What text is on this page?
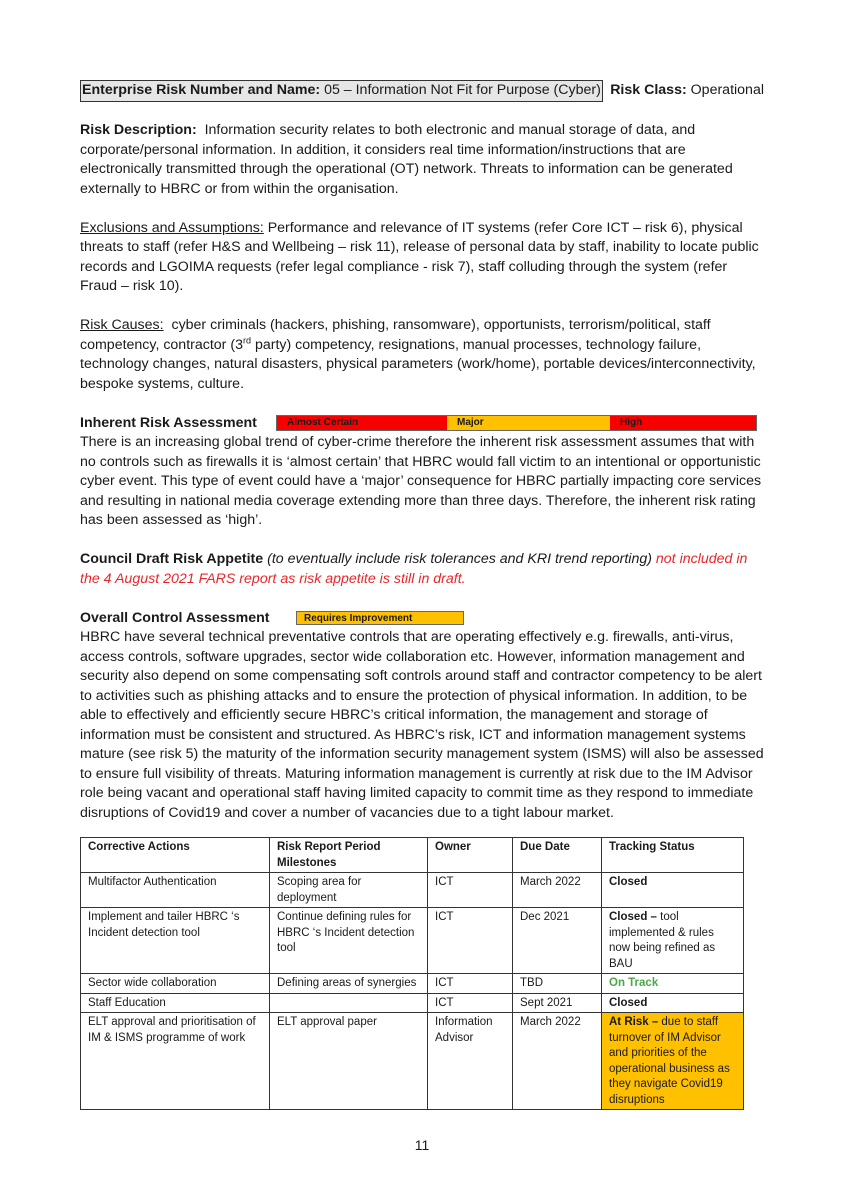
Enterprise Risk Number and Name: 05 – Information Not Fit for Purpose (Cyber) Risk Class: Operational

Risk Description: Information security relates to both electronic and manual storage of data, and corporate/personal information. In addition, it considers real time information/instructions that are electronically transmitted through the operational (OT) network. Threats to information can be generated externally to HBRC or from within the organisation.

Exclusions and Assumptions: Performance and relevance of IT systems (refer Core ICT – risk 6), physical threats to staff (refer H&S and Wellbeing – risk 11), release of personal data by staff, inability to locate public records and LGOIMA requests (refer legal compliance - risk 7), staff colluding through the system (refer Fraud – risk 10).

Risk Causes: cyber criminals (hackers, phishing, ransomware), opportunists, terrorism/political, staff competency, contractor (3rd party) competency, resignations, manual processes, technology failure, technology changes, natural disasters, physical parameters (work/home), portable devices/interconnectivity, bespoke systems, culture.

Inherent Risk Assessment	Almost Certain	Major	High

There is an increasing global trend of cyber-crime therefore the inherent risk assessment assumes that with no controls such as firewalls it is ‘almost certain’ that HBRC would fall victim to an intentional or opportunistic cyber event. This type of event could have a ‘major’ consequence for HBRC partially impacting core services and resulting in national media coverage extending more than three days. Therefore, the inherent risk rating has been assessed as ‘high’.

Council Draft Risk Appetite (to eventually include risk tolerances and KRI trend reporting) not included in the 4 August 2021 FARS report as risk appetite is still in draft.

Overall Control Assessment	Requires Improvement

HBRC have several technical preventative controls that are operating effectively e.g. firewalls, anti-virus, access controls, software upgrades, sector wide collaboration etc. However, information management and security also depend on some compensating soft controls around staff and contractor competency to be alert to activities such as phishing attacks and to ensure the protection of physical information. In addition, to be able to effectively and efficiently secure HBRC’s critical information, the management and storage of information must be consistent and structured. As HBRC’s risk, ICT and information management systems mature (see risk 5) the maturity of the information security management system (ISMS) will also be assessed to ensure full visibility of threats. Maturing information management is currently at risk due to the IM Advisor role being vacant and operational staff having limited capacity to commit time as they respond to immediate disruptions of Covid19 and cover a number of vacancies due to a tight labour market.

Corrective Actions	Risk Report Period Milestones	Owner	Due Date	Tracking Status
Multifactor Authentication	Scoping area for deployment	ICT	March 2022	Closed
Implement and tailer HBRC ‘s Incident detection tool	Continue defining rules for HBRC ‘s Incident detection tool	ICT	Dec 2021	Closed – tool implemented & rules now being refined as BAU
Sector wide collaboration	Defining areas of synergies	ICT	TBD	On Track
Staff Education		ICT	Sept 2021	Closed
ELT approval and prioritisation of IM & ISMS programme of work	ELT approval paper	Information Advisor	March 2022	At Risk – due to staff turnover of IM Advisor and priorities of the operational business as they navigate Covid19 disruptions
11
